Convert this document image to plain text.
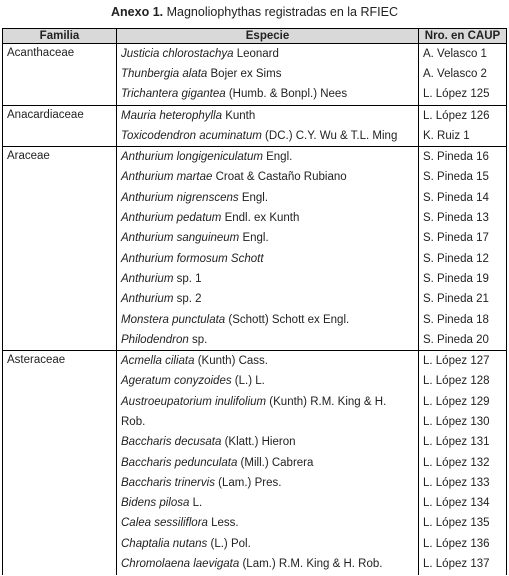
Anexo 1. Magnoliophythas registradas en la RFIEC
Familia	Especie	Nro. en CAUP
Acanthaceae	Justicia chlorostachya Leonard	A. Velasco 1
	Thunbergia alata Bojer ex Sims	A. Velasco 2
	Trichantera gigantea (Humb. & Bonpl.) Nees	L. López 125
Anacardiaceae	Mauria heterophylla Kunth	L. López 126
	Toxicodendron acuminatum (DC.) C.Y. Wu & T.L. Ming	K. Ruiz 1
Araceae	Anthurium longigeniculatum Engl.	S. Pineda 16
	Anthurium martae Croat & Castaño Rubiano	S. Pineda 15
	Anthurium nigrenscens Engl.	S. Pineda 14
	Anthurium pedatum Endl. ex Kunth	S. Pineda 13
	Anthurium sanguineum Engl.	S. Pineda 17
	Anthurium formosum Schott	S. Pineda 12
	Anthurium sp. 1	S. Pineda 19
	Anthurium sp. 2	S. Pineda 21
	Monstera punctulata (Schott) Schott ex Engl.	S. Pineda 18
	Philodendron sp.	S. Pineda 20
Asteraceae	Acmella ciliata (Kunth) Cass.	L. López 127
	Ageratum conyzoides (L.) L.	L. López 128
	Austroeupatorium inulifolium (Kunth) R.M. King & H.	L. López 129
	Rob.	L. López 130
	Baccharis decusata (Klatt.) Hieron	L. López 131
	Baccharis pedunculata (Mill.) Cabrera	L. López 132
	Baccharis trinervis (Lam.) Pres.	L. López 133
	Bidens pilosa L.	L. López 134
	Calea sessiliflora Less.	L. López 135
	Chaptalia nutans (L.) Pol.	L. López 136
	Chromolaena laevigata (Lam.) R.M. King & H. Rob.	L. López 137
